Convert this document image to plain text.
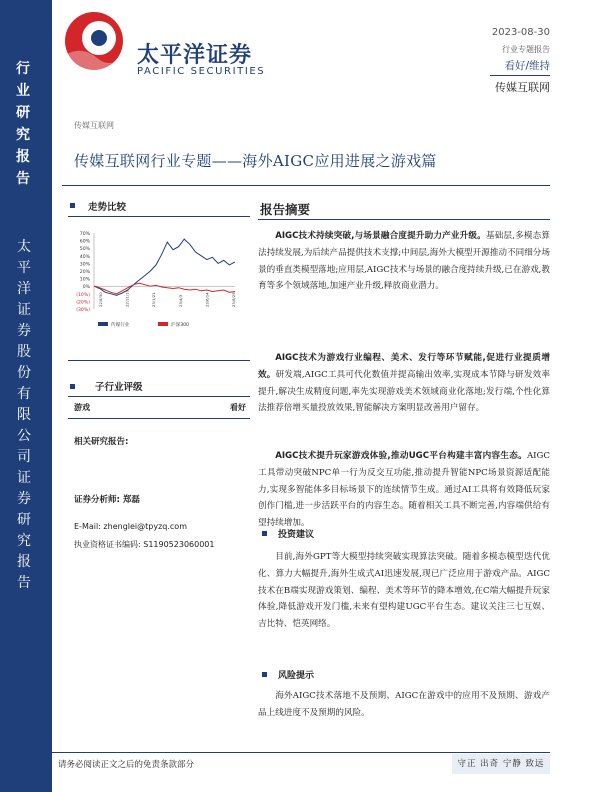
行业研究报告
太平洋证券股份有限公司证券研究报告
太平洋证券
PACIFIC SECURITIES
2023-08-30
行业专题报告
看好/维持
传媒互联网
传媒互联网
传媒互联网行业专题——海外AIGC应用进展之游戏篇
走势比较
70%
60%
50%
40%
30%
20%
10%
0%
(10%)
(20%)
(30%)
22/8/30	22/11/10	23/1/21	23/4/3	23/6/14	23/8/25
传媒行业	沪深300
子行业评级
游戏	看好
相关研究报告:
证券分析师: 郑磊
E-Mail: zhenglei@tpyzq.com
执业资格证书编码: S1190523060001
报告摘要
AIGC技术持续突破,与场景融合度提升助力产业升级。基础层,多模态算法持续发展,为后续产品提供技术支撑;中间层,海外大模型开源推动不同细分场景的垂直类模型落地;应用层,AIGC技术与场景的融合度持续升级,已在游戏,教育等多个领域落地,加速产业升级,释放商业潜力。
AIGC技术为游戏行业编程、美术、发行等环节赋能,促进行业提质增效。研发端,AIGC工具可代化数值并提高输出效率,实现成本节降与研发效率提升,解决生成精度问题,率先实现游戏美术领域商业化落地;发行端,个性化算法推荐倍增买量投放效果,智能解决方案明显改善用户留存。
AIGC技术提升玩家游戏体验,推动UGC平台构建丰富内容生态。AIGC工具带动突破NPC单一行为反交互功能,推动提升智能NPC场景资源适配能力,实现多智能体多目标场景下的连续情节生成。通过AI工具将有效降低玩家创作门槛,进一步活跃平台的内容生态。随着相关工具不断完善,内容端供给有望持续增加。
投资建议
目前,海外GPT等大模型持续突破实现算法突破。随着多模态模型迭代优化、算力大幅提升,海外生成式AI迅速发展,现已广泛应用于游戏产品。AIGC技术在B端实现游戏策划、编程、美术等环节的降本增效,在C端大幅提升玩家体验,降低游戏开发门槛,未来有望构建UGC平台生态。建议关注三七互娱、吉比特、恺英网络。
风险提示
海外AIGC技术落地不及预期、AIGC在游戏中的应用不及预期、游戏产品上线进度不及预期的风险。
请务必阅读正文之后的免责条款部分	守正 出奇 宁静 致远
